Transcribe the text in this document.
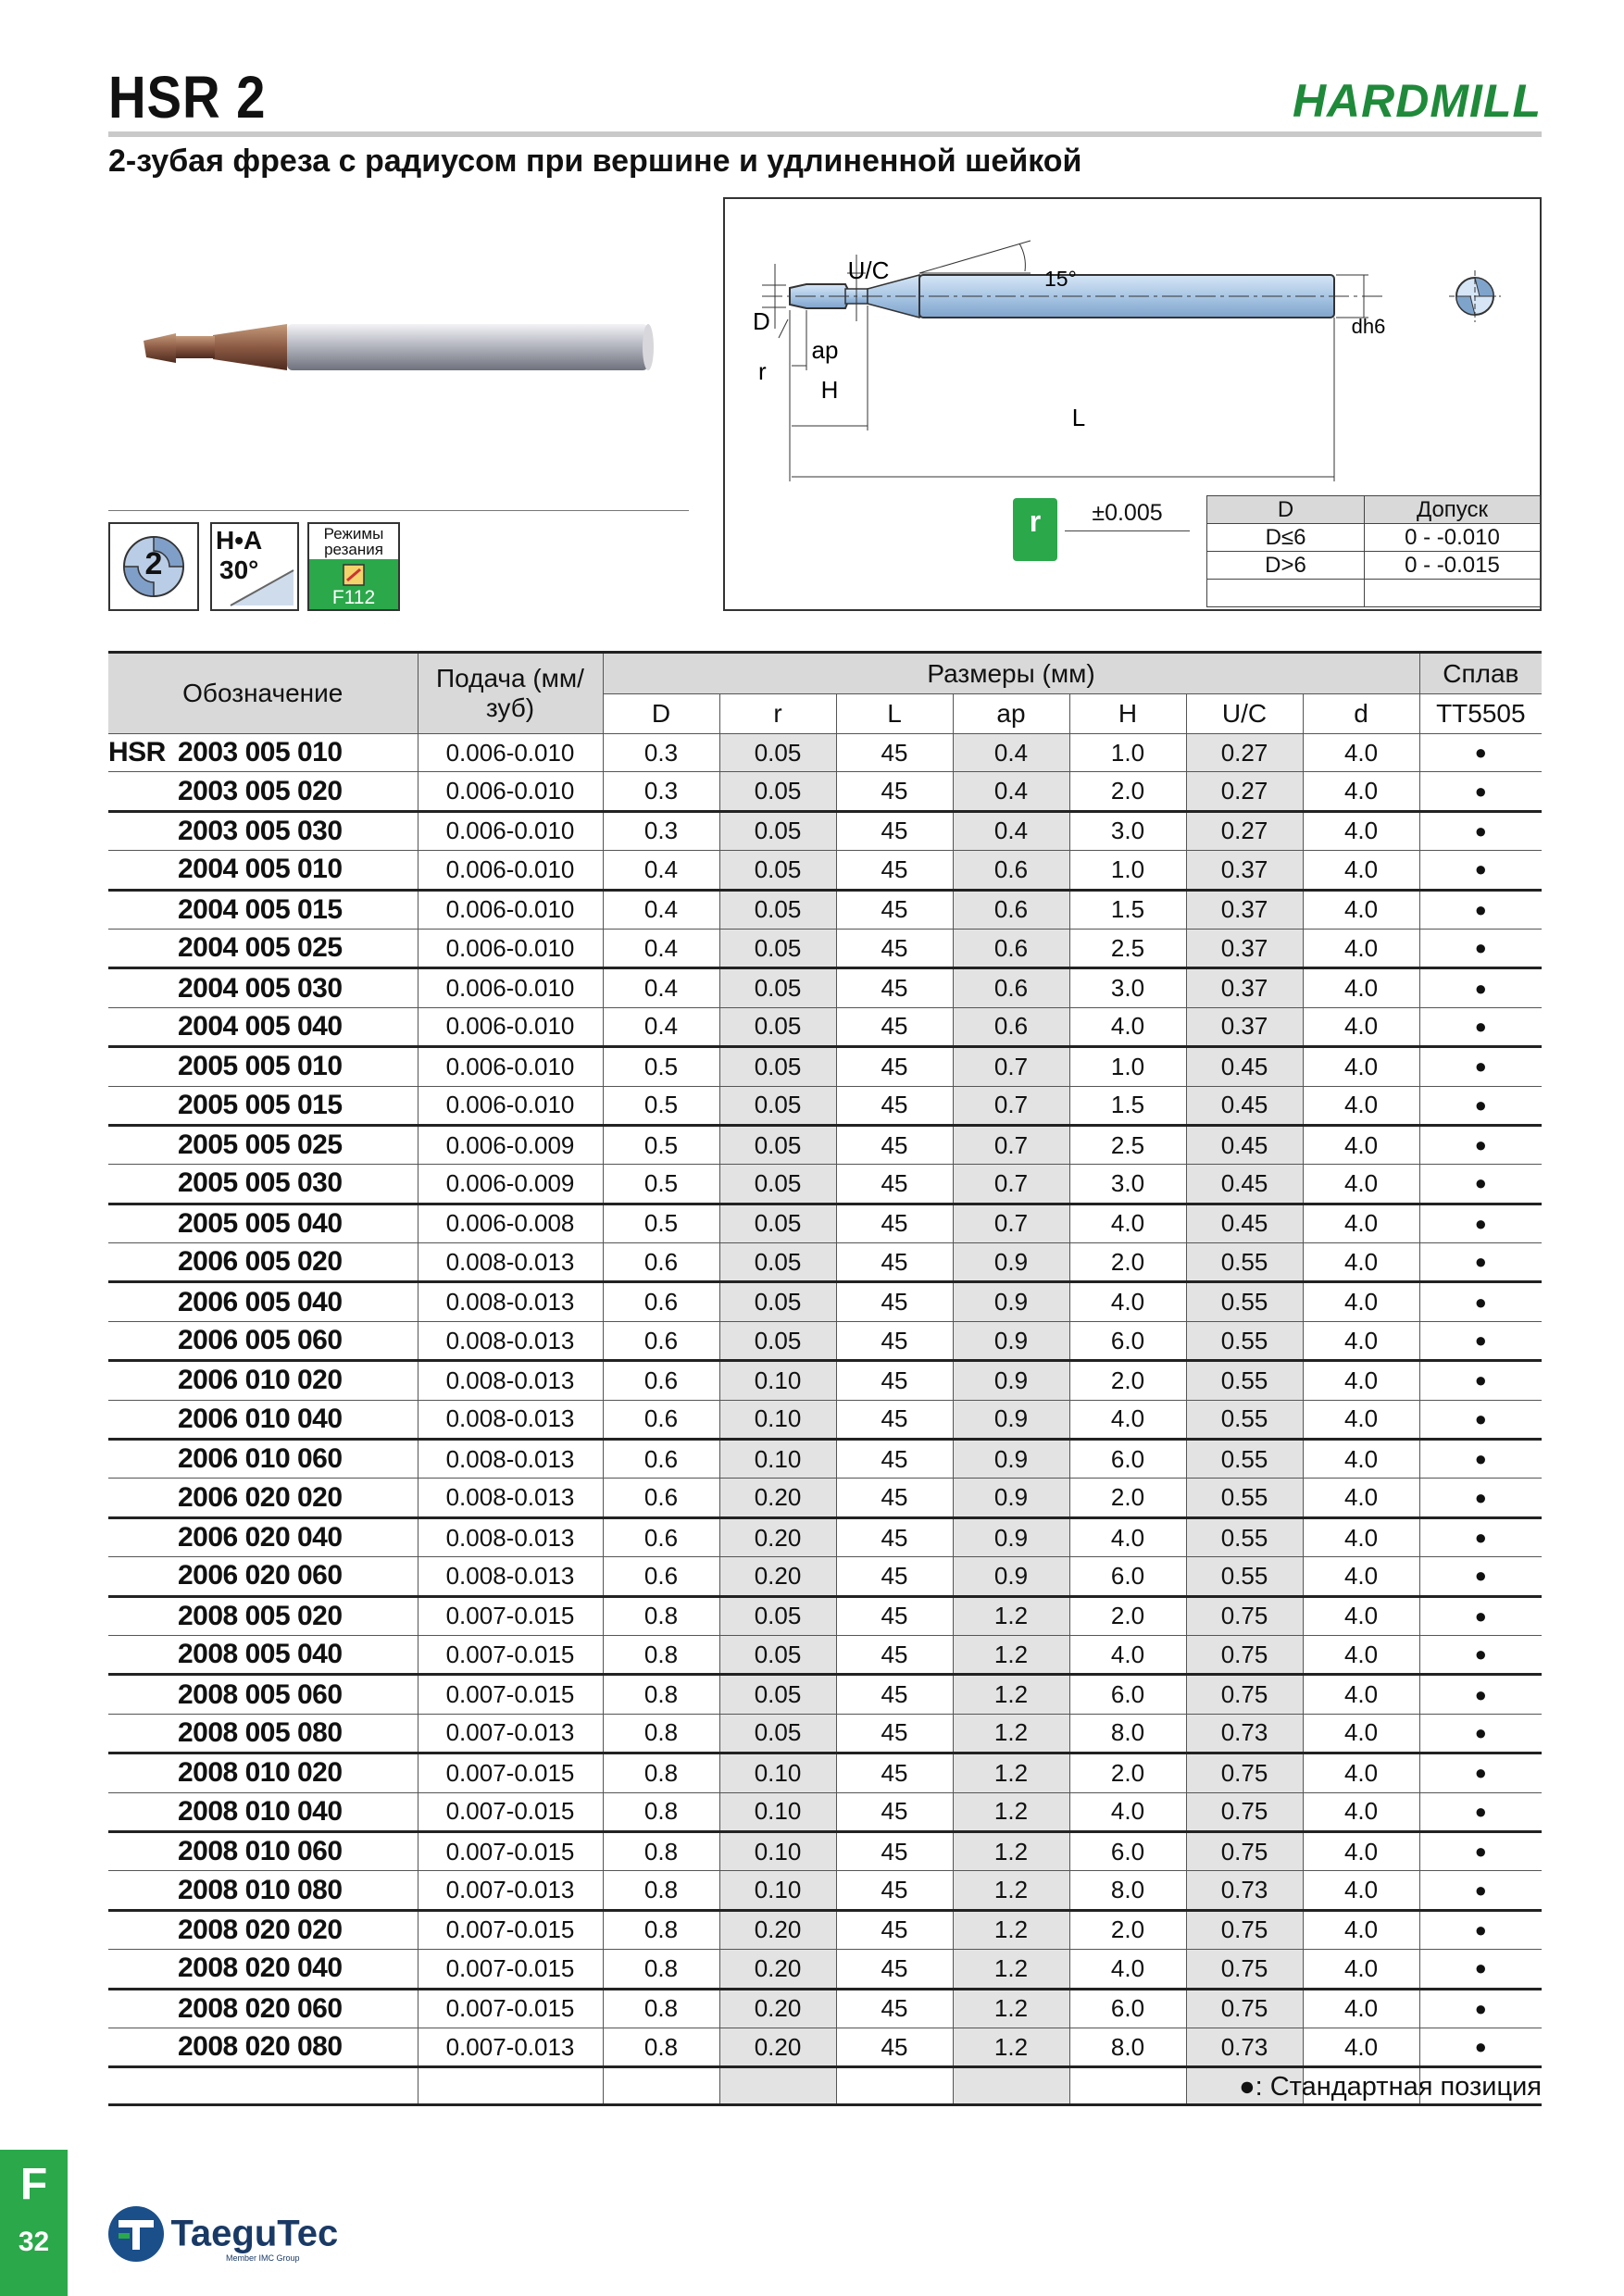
HSR 2	HARDMILL
2-зубая фреза с радиусом при вершине и удлиненной шейкой
2
H•A
30°
Режимы
резания
F112
U/C	15°
D
ap
r
H
L
dh6
r	±0.005	D	Допуск
D≤6	0 - -0.010
D>6	0 - -0.015

Обозначение	Подача (мм/зуб)	Размеры (мм)							Сплав
		D	r	L	ap	H	U/C	d	TT5505
HSR 2003 005 010	0.006-0.010	0.3	0.05	45	0.4	1.0	0.27	4.0	●
2003 005 020	0.006-0.010	0.3	0.05	45	0.4	2.0	0.27	4.0	●
2003 005 030	0.006-0.010	0.3	0.05	45	0.4	3.0	0.27	4.0	●
2004 005 010	0.006-0.010	0.4	0.05	45	0.6	1.0	0.37	4.0	●
2004 005 015	0.006-0.010	0.4	0.05	45	0.6	1.5	0.37	4.0	●
2004 005 025	0.006-0.010	0.4	0.05	45	0.6	2.5	0.37	4.0	●
2004 005 030	0.006-0.010	0.4	0.05	45	0.6	3.0	0.37	4.0	●
2004 005 040	0.006-0.010	0.4	0.05	45	0.6	4.0	0.37	4.0	●
2005 005 010	0.006-0.010	0.5	0.05	45	0.7	1.0	0.45	4.0	●
2005 005 015	0.006-0.010	0.5	0.05	45	0.7	1.5	0.45	4.0	●
2005 005 025	0.006-0.009	0.5	0.05	45	0.7	2.5	0.45	4.0	●
2005 005 030	0.006-0.009	0.5	0.05	45	0.7	3.0	0.45	4.0	●
2005 005 040	0.006-0.008	0.5	0.05	45	0.7	4.0	0.45	4.0	●
2006 005 020	0.008-0.013	0.6	0.05	45	0.9	2.0	0.55	4.0	●
2006 005 040	0.008-0.013	0.6	0.05	45	0.9	4.0	0.55	4.0	●
2006 005 060	0.008-0.013	0.6	0.05	45	0.9	6.0	0.55	4.0	●
2006 010 020	0.008-0.013	0.6	0.10	45	0.9	2.0	0.55	4.0	●
2006 010 040	0.008-0.013	0.6	0.10	45	0.9	4.0	0.55	4.0	●
2006 010 060	0.008-0.013	0.6	0.10	45	0.9	6.0	0.55	4.0	●
2006 020 020	0.008-0.013	0.6	0.20	45	0.9	2.0	0.55	4.0	●
2006 020 040	0.008-0.013	0.6	0.20	45	0.9	4.0	0.55	4.0	●
2006 020 060	0.008-0.013	0.6	0.20	45	0.9	6.0	0.55	4.0	●
2008 005 020	0.007-0.015	0.8	0.05	45	1.2	2.0	0.75	4.0	●
2008 005 040	0.007-0.015	0.8	0.05	45	1.2	4.0	0.75	4.0	●
2008 005 060	0.007-0.015	0.8	0.05	45	1.2	6.0	0.75	4.0	●
2008 005 080	0.007-0.013	0.8	0.05	45	1.2	8.0	0.73	4.0	●
2008 010 020	0.007-0.015	0.8	0.10	45	1.2	2.0	0.75	4.0	●
2008 010 040	0.007-0.015	0.8	0.10	45	1.2	4.0	0.75	4.0	●
2008 010 060	0.007-0.015	0.8	0.10	45	1.2	6.0	0.75	4.0	●
2008 010 080	0.007-0.013	0.8	0.10	45	1.2	8.0	0.73	4.0	●
2008 020 020	0.007-0.015	0.8	0.20	45	1.2	2.0	0.75	4.0	●
2008 020 040	0.007-0.015	0.8	0.20	45	1.2	4.0	0.75	4.0	●
2008 020 060	0.007-0.015	0.8	0.20	45	1.2	6.0	0.75	4.0	●
2008 020 080	0.007-0.013	0.8	0.20	45	1.2	8.0	0.73	4.0	●

●: Стандартная позиция
F
32	TaeguTec
Member IMC Group
